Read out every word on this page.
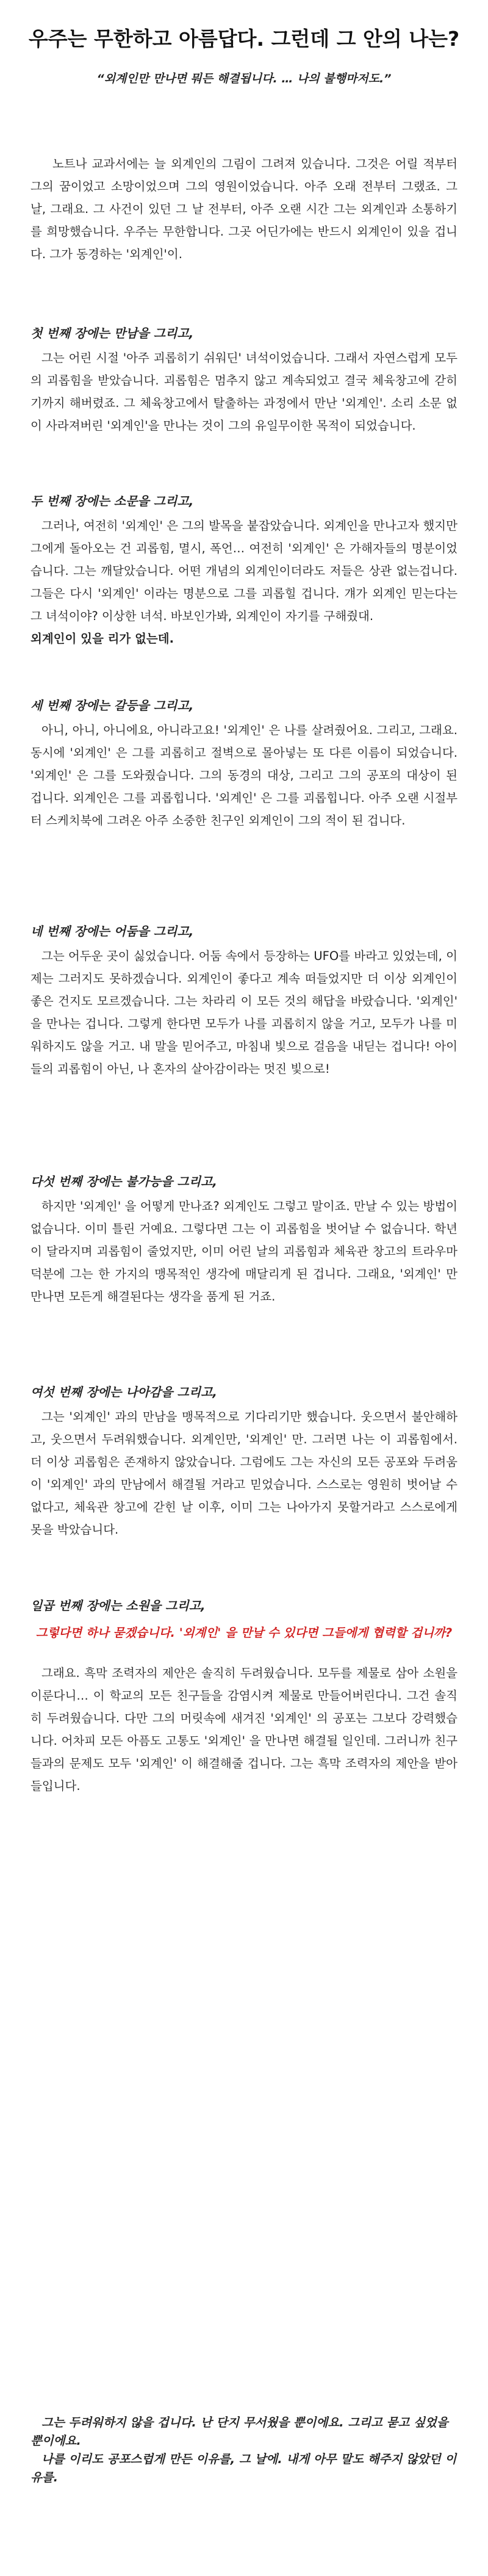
우주는 무한하고 아름답다. 그런데 그 안의 나는?

“외계인만 만나면 뭐든 해결됩니다. … 나의 불행마저도.”

노트나 교과서에는 늘 외계인의 그림이 그려져 있습니다. 그것은 어릴 적부터 그의 꿈이었고 소망이었으며 그의 영원이었습니다. 아주 오래 전부터 그랬죠. 그 날, 그래요. 그 사건이 있던 그 날 전부터, 아주 오랜 시간 그는 외계인과 소통하기를 희망했습니다. 우주는 무한합니다. 그곳 어딘가에는 반드시 외계인이 있을 겁니다. 그가 동경하는 '외계인'이.

첫 번째 장에는 만남을 그리고,

그는 어린 시절 '아주 괴롭히기 쉬워딘' 녀석이었습니다. 그래서 자연스럽게 모두의 괴롭힘을 받았습니다. 괴롭힘은 멈추지 않고 계속되었고 결국 체육창고에 갇히기까지 해버렸죠. 그 체육창고에서 탈출하는 과정에서 만난 '외계인'. 소리 소문 없이 사라져버린 '외계인'을 만나는 것이 그의 유일무이한 목적이 되었습니다.

두 번째 장에는 소문을 그리고,

그러나, 여전히 '외계인' 은 그의 발목을 붙잡았습니다. 외계인을 만나고자 했지만 그에게 돌아오는 건 괴롭힘, 멸시, 폭언… 여전히 '외계인' 은 가해자들의 명분이었습니다. 그는 깨달았습니다. 어떤 개념의 외계인이더라도 저들은 상관 없는겁니다. 그들은 다시 '외계인' 이라는 명분으로 그를 괴롭힐 겁니다. 걔가 외계인 믿는다는 그 녀석이야? 이상한 녀석. 바보인가봐, 외계인이 자기를 구해줬대.

외계인이 있을 리가 없는데.

세 번째 장에는 갈등을 그리고,

아니, 아니, 아니에요, 아니라고요! '외계인' 은 나를 살려줬어요. 그리고, 그래요. 동시에 '외계인' 은 그를 괴롭히고 절벽으로 몰아넣는 또 다른 이름이 되었습니다. '외계인' 은 그를 도와줬습니다. 그의 동경의 대상, 그리고 그의 공포의 대상이 된 겁니다. 외계인은 그를 괴롭힙니다. '외계인' 은 그를 괴롭힙니다. 아주 오랜 시절부터 스케치북에 그려온 아주 소중한 친구인 외계인이 그의 적이 된 겁니다.

네 번째 장에는 어둠을 그리고,

그는 어두운 곳이 싫었습니다. 어둠 속에서 등장하는 UFO를 바라고 있었는데, 이제는 그러지도 못하겠습니다. 외계인이 좋다고 계속 떠들었지만 더 이상 외계인이 좋은 건지도 모르겠습니다. 그는 차라리 이 모든 것의 해답을 바랐습니다. '외계인' 을 만나는 겁니다. 그렇게 한다면 모두가 나를 괴롭히지 않을 거고, 모두가 나를 미워하지도 않을 거고. 내 말을 믿어주고, 마침내 빛으로 걸음을 내딛는 겁니다! 아이들의 괴롭힘이 아닌, 나 혼자의 살아감이라는 멋진 빛으로!

다섯 번째 장에는 불가능을 그리고,

하지만 '외계인' 을 어떻게 만나죠? 외계인도 그렇고 말이죠. 만날 수 있는 방법이 없습니다. 이미 틀린 거예요. 그렇다면 그는 이 괴롭힘을 벗어날 수 없습니다. 학년이 달라지며 괴롭힘이 줄었지만, 이미 어린 날의 괴롭힘과 체육관 창고의 트라우마 덕분에 그는 한 가지의 맹목적인 생각에 매달리게 된 겁니다. 그래요, '외계인' 만 만나면 모든게 해결된다는 생각을 품게 된 거죠.

여섯 번째 장에는 나아감을 그리고,

그는 '외계인' 과의 만남을 맹목적으로 기다리기만 했습니다. 웃으면서 불안해하고, 웃으면서 두려워했습니다. 외계인만, '외계인' 만. 그러면 나는 이 괴롭힘에서. 더 이상 괴롭힘은 존재하지 않았습니다. 그럼에도 그는 자신의 모든 공포와 두려움이 '외계인' 과의 만남에서 해결될 거라고 믿었습니다. 스스로는 영원히 벗어날 수 없다고, 체육관 창고에 갇힌 날 이후, 이미 그는 나아가지 못할거라고 스스로에게 못을 박았습니다.

일곱 번째 장에는 소원을 그리고,

그렇다면 하나 묻겠습니다. '외계인' 을 만날 수 있다면 그들에게 협력할 겁니까?

그래요. 흑막 조력자의 제안은 솔직히 두려웠습니다. 모두를 제물로 삼아 소원을 이룬다니… 이 학교의 모든 친구들을 감염시켜 제물로 만들어버린다니. 그건 솔직히 두려웠습니다. 다만 그의 머릿속에 새겨진 '외계인' 의 공포는 그보다 강력했습니다. 어차피 모든 아픔도 고통도 '외계인' 을 만나면 해결될 일인데. 그러니까 친구들과의 문제도 모두 '외계인' 이 해결해줄 겁니다. 그는 흑막 조력자의 제안을 받아들입니다.

그는 두려워하지 않을 겁니다. 난 단지 무서웠을 뿐이에요. 그리고 묻고 싶었을 뿐이에요.

나를 이리도 공포스럽게 만든 이유를, 그 날에. 내게 아무 말도 해주지 않았던 이유를.
